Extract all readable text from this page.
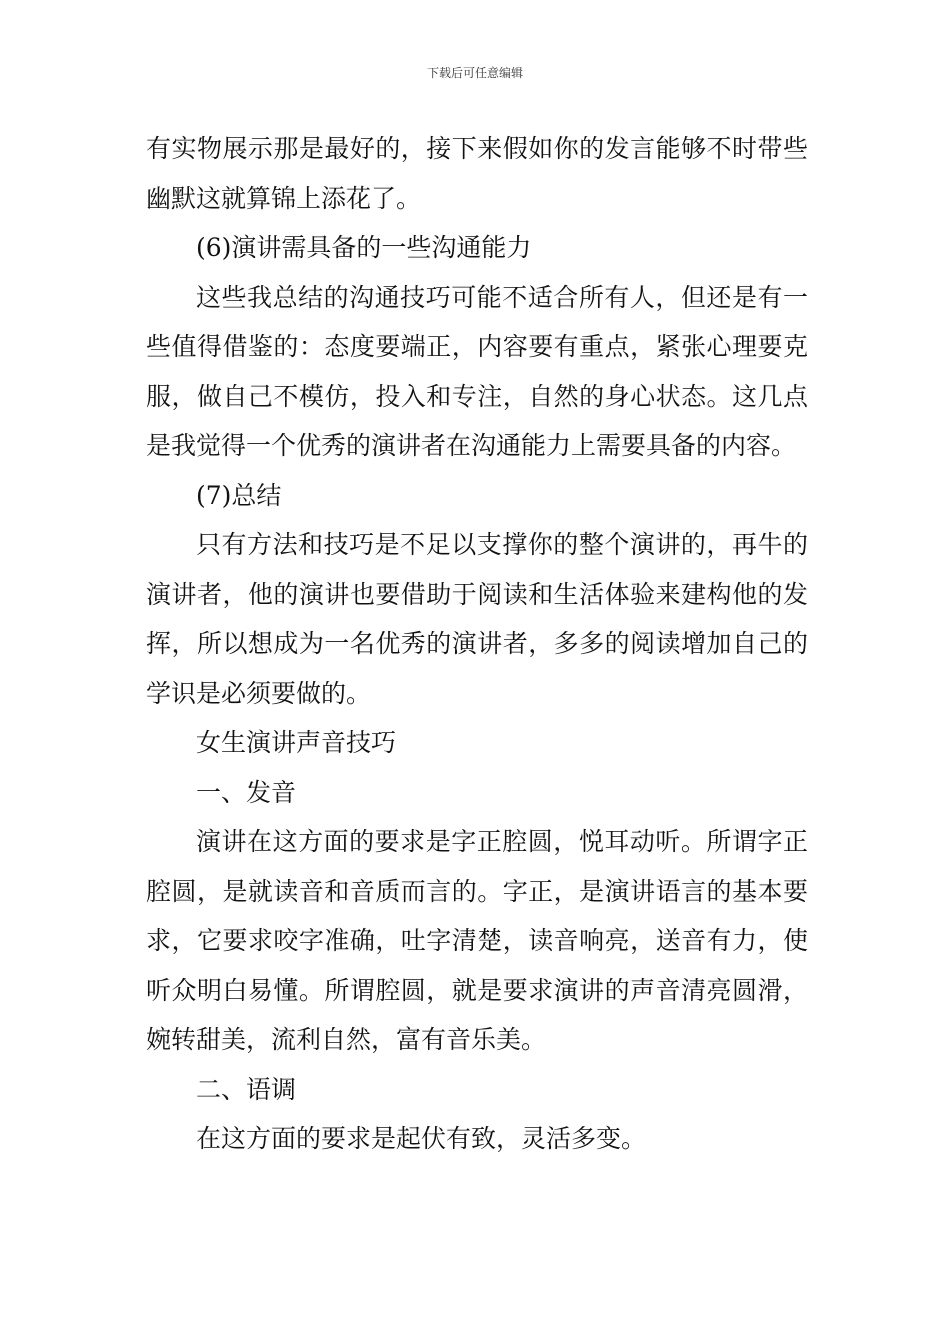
下载后可任意编辑

有实物展示那是最好的，接下来假如你的发言能够不时带些幽默这就算锦上添花了。

(6)演讲需具备的一些沟通能力

这些我总结的沟通技巧可能不适合所有人，但还是有一些值得借鉴的：态度要端正，内容要有重点，紧张心理要克服，做自己不模仿，投入和专注，自然的身心状态。这几点是我觉得一个优秀的演讲者在沟通能力上需要具备的内容。

(7)总结

只有方法和技巧是不足以支撑你的整个演讲的，再牛的演讲者，他的演讲也要借助于阅读和生活体验来建构他的发挥，所以想成为一名优秀的演讲者，多多的阅读增加自己的学识是必须要做的。

女生演讲声音技巧

一、发音

演讲在这方面的要求是字正腔圆，悦耳动听。所谓字正腔圆，是就读音和音质而言的。字正，是演讲语言的基本要求，它要求咬字准确，吐字清楚，读音响亮，送音有力，使听众明白易懂。所谓腔圆，就是要求演讲的声音清亮圆滑，婉转甜美，流利自然，富有音乐美。

二、语调

在这方面的要求是起伏有致，灵活多变。
